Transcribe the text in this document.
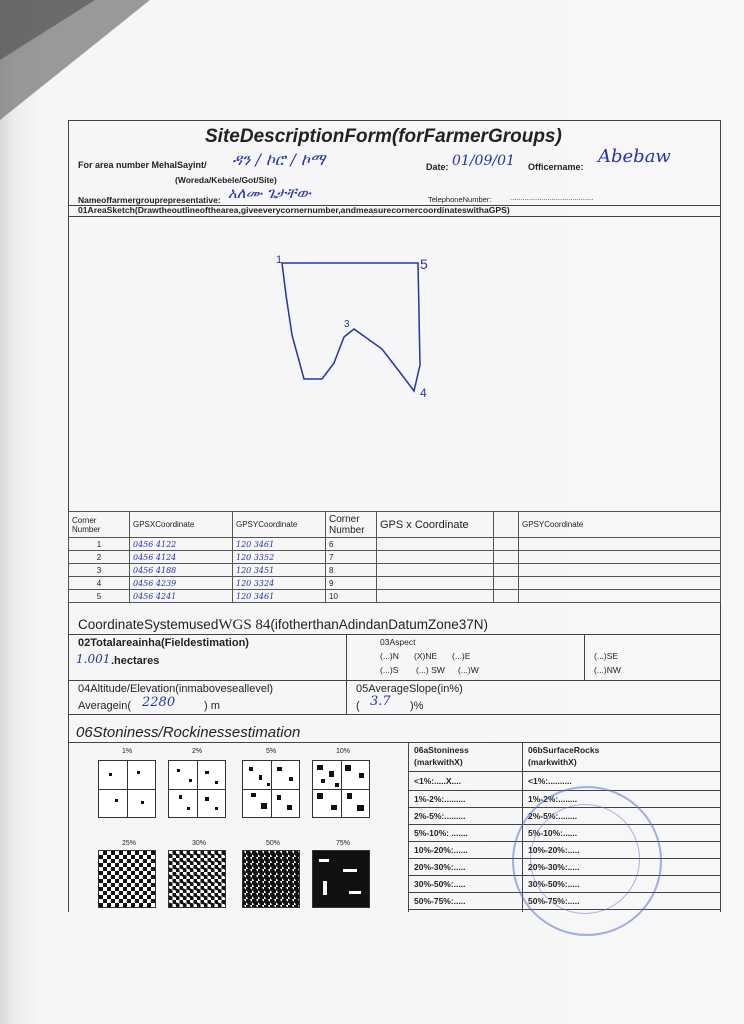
SiteDescriptionForm(forFarmerGroups)
For area number MehalSayint/ ዳን / ኮሮ / ኮማ	Date: 01/09/01 Officername: Abebaw
(Woreda/Kebele/Got/Site)
Nameoffarmergrouprepresentative: አለሙ ጌታቸው	TelephoneNumber: ........................................
01AreaSketch(Drawtheoutlineofthearea,giveeverycornernumber,andmeasurecornercoordinateswithaGPS)
1	5
3
4
Corner Number	GPSXCoordinate	GPSYCoordinate	Corner Number	GPS x Coordinate		GPSYCoordinate
1	0456 4122	120 3461	6			
2	0456 4124	120 3352	7			
3	0456 4188	120 3451	8			
4	0456 4239	120 3324	9			
5	0456 4241	120 3461	10			
CoordinateSystemusedWGS 84(ifotherthanAdindanDatumZone37N)
02Totalareainha(Fieldestimation)
1.001 .hectares
03Aspect
(...)N (X)NE (...)E
(...)S (...) SW (...)W
(...)SE
(...)NW
04Altitude/Elevation(inmaboveseallevel)
Averagein( 2280	) m
05AverageSlope(in%)
( 3.7 )%
06Stoniness/Rockinessestimation
1%	2%	5%	10%
25%	30%	50%	75%
06aStoniness
(markwithX)
06bSurfaceRocks
(markwithX)
<1%:.....X....	<1%:..........
1%-2%:.........	1%-2%:........
2%-5%:.........	2%-5%:........
5%-10%: .......	5%-10%:......
10%-20%:......	10%-20%:.....
20%-30%:.....	20%-30%:.....
30%-50%:.....	30%-50%:.....
50%-75%:.....	50%-75%:.....
